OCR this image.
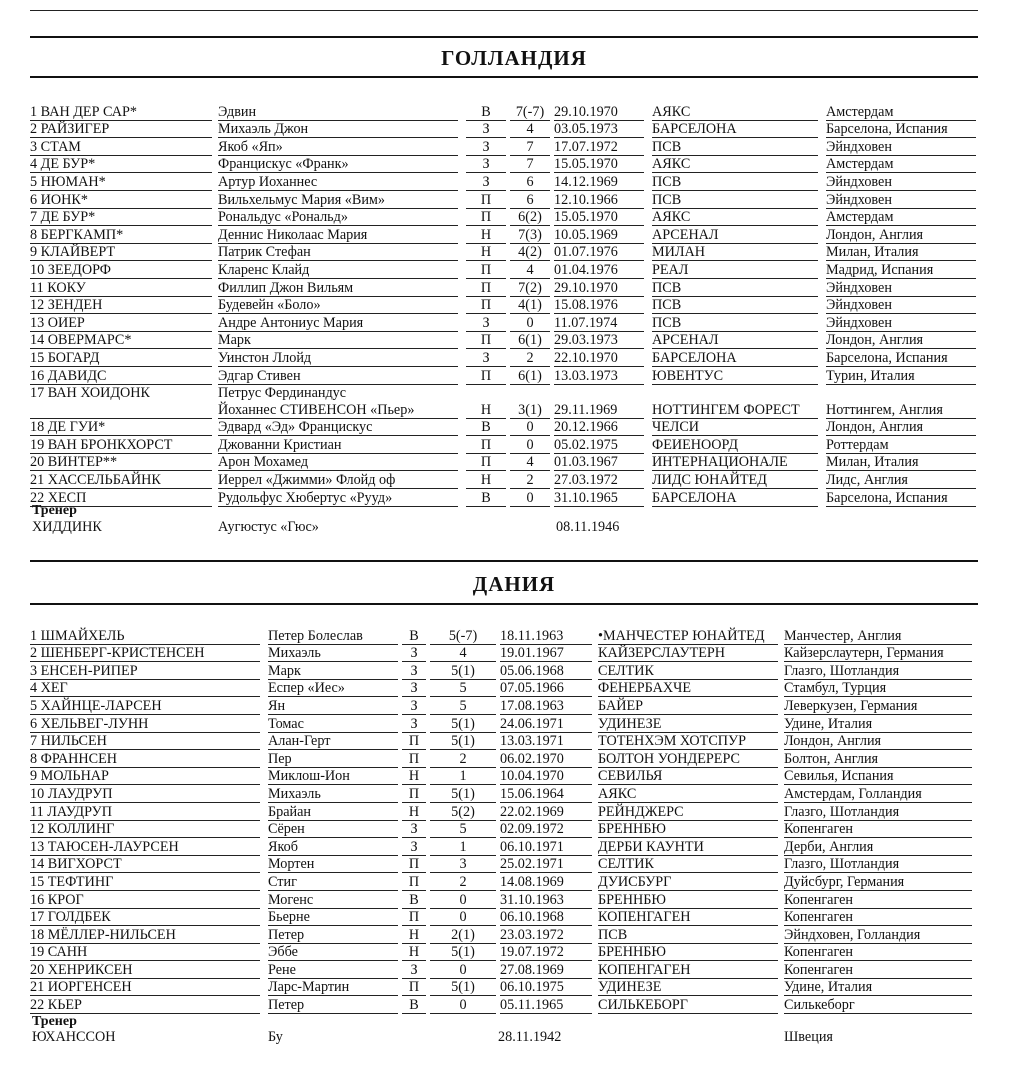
ГОЛЛАНДИЯ
1 ВАН ДЕР САР*		Эдвин		В		7(-7)		29.10.1970		АЯКС		Амстердам
2 РАЙЗИГЕР		Михаэль Джон		З		4		03.05.1973		БАРСЕЛОНА		Барселона, Испания
3 СТАМ		Якоб «Яп»		З		7		17.07.1972		ПСВ		Эйндховен
4 ДЕ БУР*		Францискус «Франк»		З		7		15.05.1970		АЯКС		Амстердам
5 НЮМАН*		Артур Иоханнес		З		6		14.12.1969		ПСВ		Эйндховен
6 ИОНК*		Вильхельмус Мария «Вим»		П		6		12.10.1966		ПСВ		Эйндховен
7 ДЕ БУР*		Рональдус «Рональд»		П		6(2)		15.05.1970		АЯКС		Амстердам
8 БЕРГКАМП*		Деннис Николаас Мария		Н		7(3)		10.05.1969		АРСЕНАЛ		Лондон, Англия
9 КЛАЙВЕРТ		Патрик Стефан		Н		4(2)		01.07.1976		МИЛАН		Милан, Италия
10 ЗЕЕДОРФ		Кларенс Клайд		П		4		01.04.1976		РЕАЛ		Мадрид, Испания
11 КОКУ		Филлип Джон Вильям		П		7(2)		29.10.1970		ПСВ		Эйндховен
12 ЗЕНДЕН		Будевейн «Боло»		П		4(1)		15.08.1976		ПСВ		Эйндховен
13 ОИЕР		Андре Антониус Мария		З		0		11.07.1974		ПСВ		Эйндховен
14 ОВЕРМАРС*		Марк		П		6(1)		29.03.1973		АРСЕНАЛ		Лондон, Англия
15 БОГАРД		Уинстон Ллойд		З		2		22.10.1970		БАРСЕЛОНА		Барселона, Испания
16 ДАВИДС		Эдгар Стивен		П		6(1)		13.03.1973		ЮВЕНТУС		Турин, Италия
17 ВАН ХОИДОНК		Петрус Фердинандус										
		Йоханнес СТИВЕНСОН «Пьер»		Н		3(1)		29.11.1969		НОТТИНГЕМ ФОРЕСТ		Ноттингем, Англия
18 ДЕ ГУИ*		Эдвард «Эд» Францискус		В		0		20.12.1966		ЧЕЛСИ		Лондон, Англия
19 ВАН БРОНКХОРСТ		Джованни Кристиан		П		0		05.02.1975		ФЕИЕНООРД		Роттердам
20 ВИНТЕР**		Арон Мохамед		П		4		01.03.1967		ИНТЕРНАЦИОНАЛЕ		Милан, Италия
21 ХАССЕЛЬБАЙНК		Иеррел «Джимми» Флойд оф		Н		2		27.03.1972		ЛИДС ЮНАЙТЕД		Лидс, Англия
22 ХЕСП		Рудольфус Хюбертус «Рууд»		В		0		31.10.1965		БАРСЕЛОНА		Барселона, Испания
Тренер
ХИДДИНК	Аугюстус «Гюс»	08.11.1946
ДАНИЯ
1 ШМАЙХЕЛЬ		Петер Болеслав		В		5(-7)		18.11.1963		•МАНЧЕСТЕР ЮНАЙТЕД		Манчестер, Англия
2 ШЕНБЕРГ-КРИСТЕНСЕН		Михаэль		З		4		19.01.1967		КАЙЗЕРСЛАУТЕРН		Кайзерслаутерн, Германия
3 ЕНСЕН-РИПЕР		Марк		З		5(1)		05.06.1968		СЕЛТИК		Глазго, Шотландия
4 ХЕГ		Еспер «Иес»		З		5		07.05.1966		ФЕНЕРБАХЧЕ		Стамбул, Турция
5 ХАЙНЦЕ-ЛАРСЕН		Ян		З		5		17.08.1963		БАЙЕР		Леверкузен, Германия
6 ХЕЛЬВЕГ-ЛУНН		Томас		З		5(1)		24.06.1971		УДИНЕЗЕ		Удине, Италия
7 НИЛЬСЕН		Алан-Герт		П		5(1)		13.03.1971		ТОТЕНХЭМ ХОТСПУР		Лондон, Англия
8 ФРАННСЕН		Пер		П		2		06.02.1970		БОЛТОН УОНДЕРЕРС		Болтон, Англия
9 МОЛЬНАР		Миклош-Ион		Н		1		10.04.1970		СЕВИЛЬЯ		Севилья, Испания
10 ЛАУДРУП		Михаэль		П		5(1)		15.06.1964		АЯКС		Амстердам, Голландия
11 ЛАУДРУП		Брайан		Н		5(2)		22.02.1969		РЕЙНДЖЕРС		Глазго, Шотландия
12 КОЛЛИНГ		Сёрен		З		5		02.09.1972		БРЕННБЮ		Копенгаген
13 ТАЮСЕН-ЛАУРСЕН		Якоб		З		1		06.10.1971		ДЕРБИ КАУНТИ		Дерби, Англия
14 ВИГХОРСТ		Мортен		П		3		25.02.1971		СЕЛТИК		Глазго, Шотландия
15 ТЕФТИНГ		Стиг		П		2		14.08.1969		ДУИСБУРГ		Дуйсбург, Германия
16 КРОГ		Могенс		В		0		31.10.1963		БРЕННБЮ		Копенгаген
17 ГОЛДБЕК		Бьерне		П		0		06.10.1968		КОПЕНГАГЕН		Копенгаген
18 МЁЛЛЕР-НИЛЬСЕН		Петер		Н		2(1)		23.03.1972		ПСВ		Эйндховен, Голландия
19 САНН		Эббе		Н		5(1)		19.07.1972		БРЕННБЮ		Копенгаген
20 ХЕНРИКСЕН		Рене		З		0		27.08.1969		КОПЕНГАГЕН		Копенгаген
21 ИОРГЕНСЕН		Ларс-Мартин		П		5(1)		06.10.1975		УДИНЕЗЕ		Удине, Италия
22 КЬЕР		Петер		В		0		05.11.1965		СИЛЬКЕБОРГ		Силькеборг
Тренер
ЮХАНССОН	Бу	28.11.1942	Швеция
